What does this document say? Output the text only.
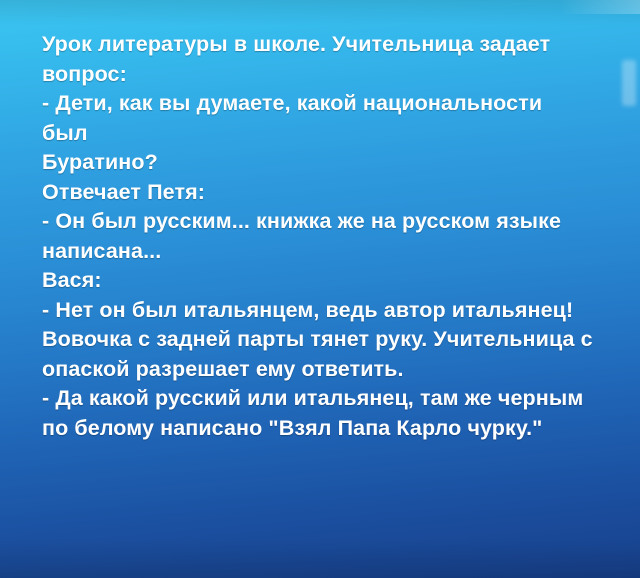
Урок литературы в школе. Учительница задает
вопрос:
- Дети, как вы думаете, какой национальности
был
Буратино?
Отвечает Петя:
- Он был русским... книжка же на русском языке
написана...
Вася:
- Нет он был итальянцем, ведь автор итальянец!
Вовочка с задней парты тянет руку. Учительница с
опаской разрешает ему ответить.
- Да какой русский или итальянец, там же черным
по белому написано "Взял Папа Карло чурку."
